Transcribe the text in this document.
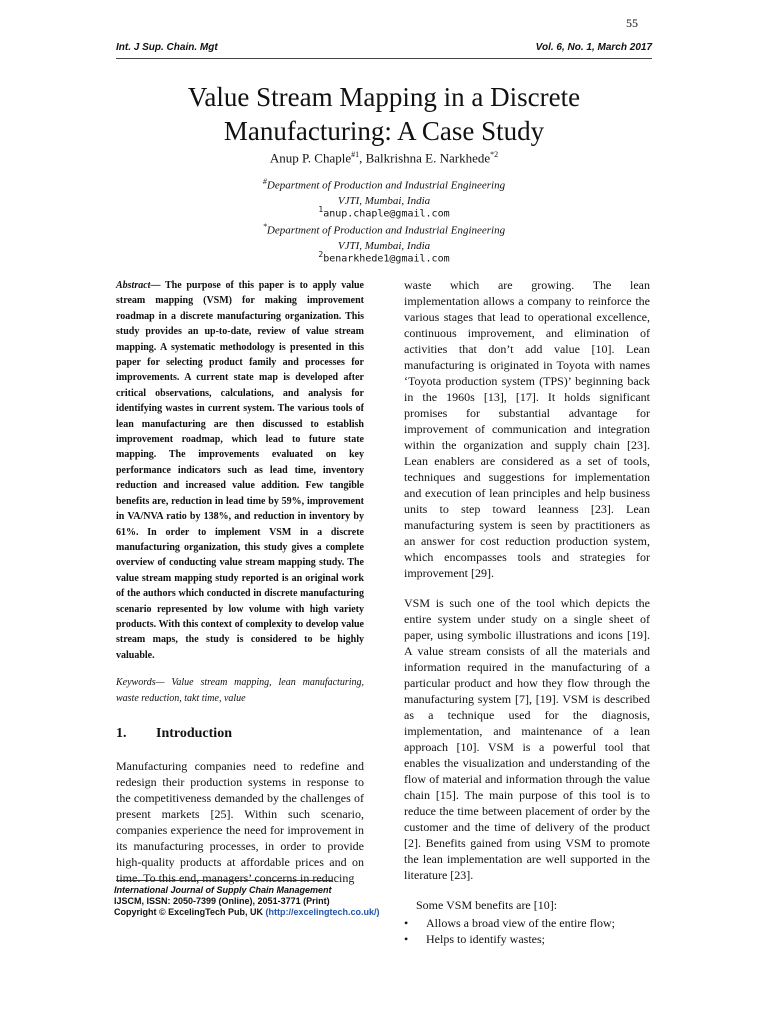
55
Int. J Sup. Chain. Mgt	Vol. 6, No. 1, March 2017
Value Stream Mapping in a Discrete
Manufacturing: A Case Study
Anup P. Chaple$^{\#1}$, Balkrishna E. Narkhede$^{*2}$
#Department of Production and Industrial Engineering
VJTI, Mumbai, India
$^1$anup.chaple@gmail.com
*Department of Production and Industrial Engineering
VJTI, Mumbai, India
$^2$benarkhede1@gmail.com

Abstract— The purpose of this paper is to apply value stream mapping (VSM) for making improvement roadmap in a discrete manufacturing organization. This study provides an up-to-date, review of value stream mapping. A systematic methodology is presented in this paper for selecting product family and processes for improvements. A current state map is developed after critical observations, calculations, and analysis for identifying wastes in current system. The various tools of lean manufacturing are then discussed to establish improvement roadmap, which lead to future state mapping. The improvements evaluated on key performance indicators such as lead time, inventory reduction and increased value addition. Few tangible benefits are, reduction in lead time by 59%, improvement in VA/NVA ratio by 138%, and reduction in inventory by 61%. In order to implement VSM in a discrete manufacturing organization, this study gives a complete overview of conducting value stream mapping study. The value stream mapping study reported is an original work of the authors which conducted in discrete manufacturing scenario represented by low volume with high variety products. With this context of complexity to develop value stream maps, the study is considered to be highly valuable.

Keywords— Value stream mapping, lean manufacturing, waste reduction, takt time, value

1.	Introduction

Manufacturing companies need to redefine and redesign their production systems in response to the competitiveness demanded by the challenges of present markets [25]. Within such scenario, companies experience the need for improvement in its manufacturing processes, in order to provide high-quality products at affordable prices and on time. To this end, managers’ concerns in reducing

waste which are growing. The lean implementation allows a company to reinforce the various stages that lead to operational excellence, continuous improvement, and elimination of activities that don’t add value [10]. Lean manufacturing is originated in Toyota with names ‘Toyota production system (TPS)’ beginning back in the 1960s [13], [17]. It holds significant promises for substantial advantage for improvement of communication and integration within the organization and supply chain [23]. Lean enablers are considered as a set of tools, techniques and suggestions for implementation and execution of lean principles and help business units to step toward leanness [23]. Lean manufacturing system is seen by practitioners as an answer for cost reduction production system, which encompasses tools and strategies for improvement [29].

VSM is such one of the tool which depicts the entire system under study on a single sheet of paper, using symbolic illustrations and icons [19]. A value stream consists of all the materials and information required in the manufacturing of a particular product and how they flow through the manufacturing system [7], [19]. VSM is described as a technique used for the diagnosis, implementation, and maintenance of a lean approach [10]. VSM is a powerful tool that enables the visualization and understanding of the flow of material and information through the value chain [15]. The main purpose of this tool is to reduce the time between placement of order by the customer and the time of delivery of the product [2]. Benefits gained from using VSM to promote the lean implementation are well supported in the literature [23].

Some VSM benefits are [10]:

•	Allows a broad view of the entire flow;
•	Helps to identify wastes;
International Journal of Supply Chain Management
IJSCM, ISSN: 2050-7399 (Online), 2051-3771 (Print)
Copyright © ExcelingTech Pub, UK (http://excelingtech.co.uk/)
